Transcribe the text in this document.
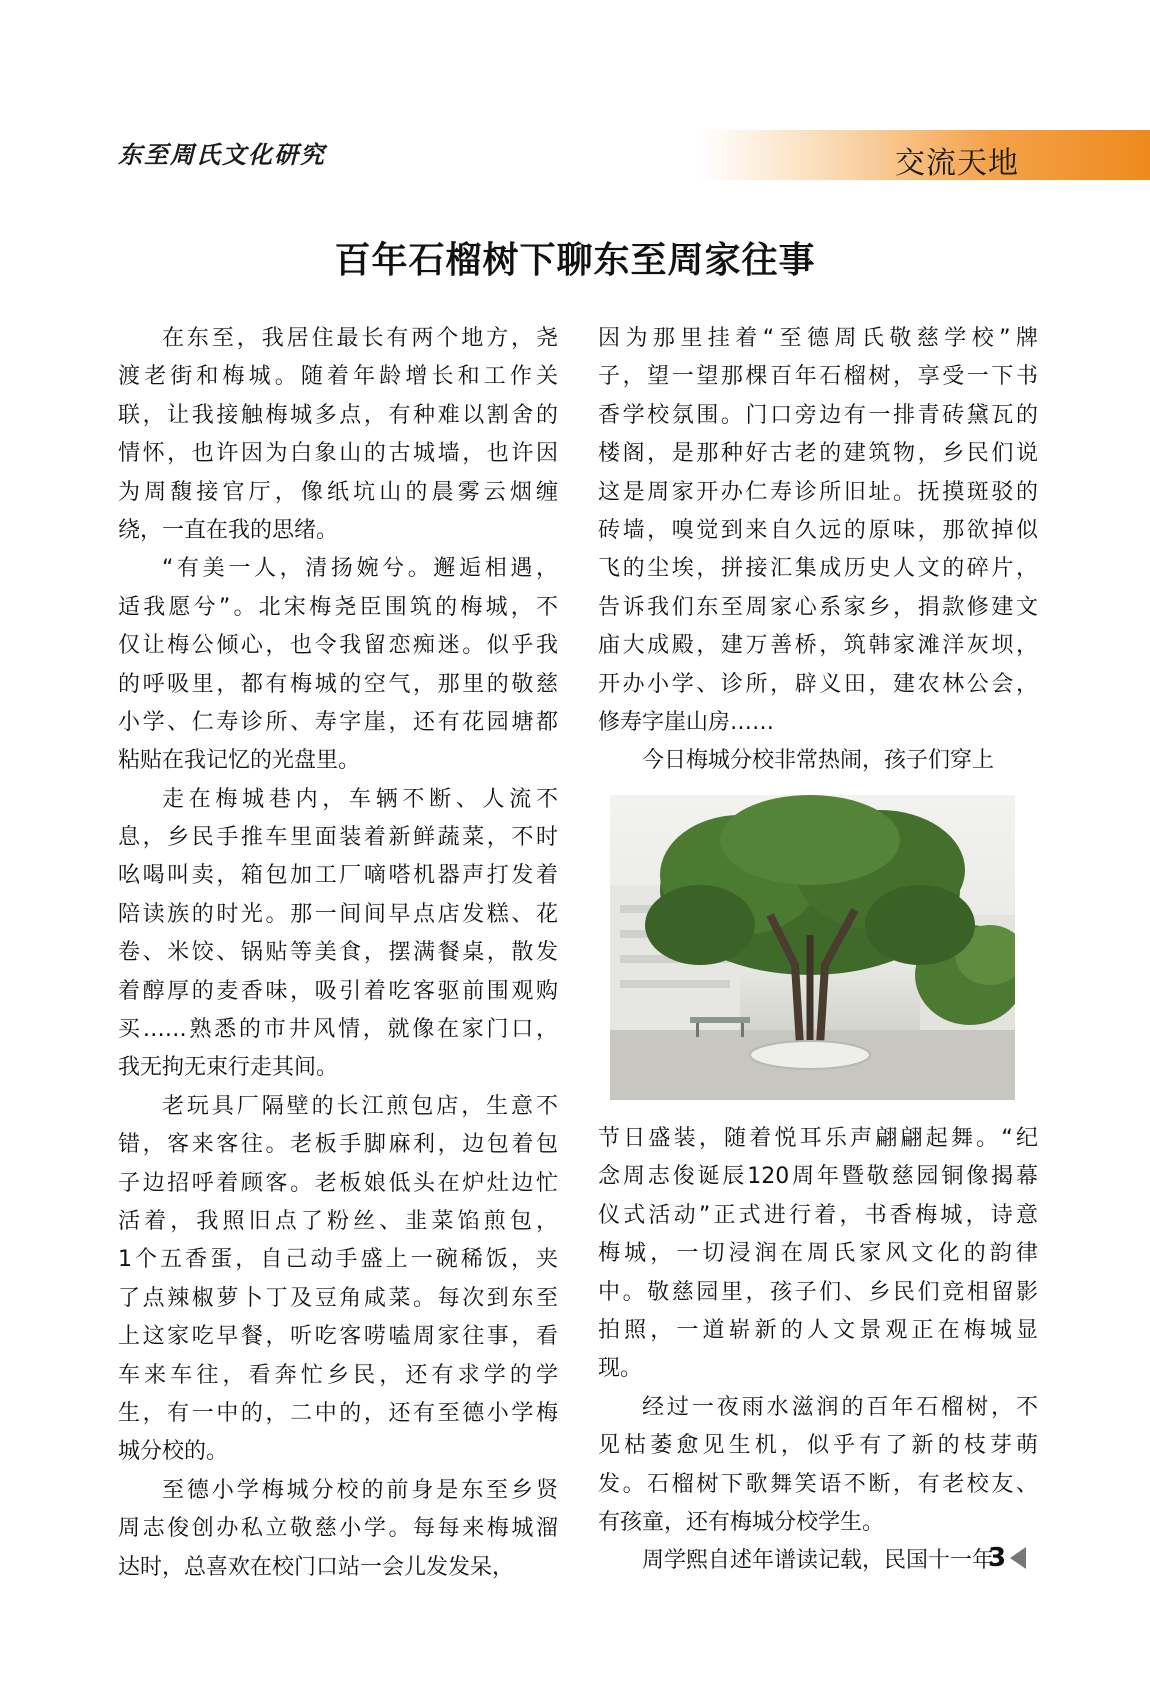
东至周氏文化研究	交流天地
百年石榴树下聊东至周家往事
在东至，我居住最长有两个地方，尧
渡老街和梅城。随着年龄增长和工作关
联，让我接触梅城多点，有种难以割舍的
情怀，也许因为白象山的古城墙，也许因
为周馥接官厅，像纸坑山的晨雾云烟缠
绕，一直在我的思绪。
“有美一人，清扬婉兮。邂逅相遇，
适我愿兮”。北宋梅尧臣围筑的梅城，不
仅让梅公倾心，也令我留恋痴迷。似乎我
的呼吸里，都有梅城的空气，那里的敬慈
小学、仁寿诊所、寿字崖，还有花园塘都
粘贴在我记忆的光盘里。
走在梅城巷内，车辆不断、人流不
息，乡民手推车里面装着新鲜蔬菜，不时
吆喝叫卖，箱包加工厂嘀嗒机器声打发着
陪读族的时光。那一间间早点店发糕、花
卷、米饺、锅贴等美食，摆满餐桌，散发
着醇厚的麦香味，吸引着吃客驱前围观购
买……熟悉的市井风情，就像在家门口，
我无拘无束行走其间。
老玩具厂隔壁的长江煎包店，生意不
错，客来客往。老板手脚麻利，边包着包
子边招呼着顾客。老板娘低头在炉灶边忙
活着，我照旧点了粉丝、韭菜馅煎包，
1个五香蛋，自己动手盛上一碗稀饭，夹
了点辣椒萝卜丁及豆角咸菜。每次到东至
上这家吃早餐，听吃客唠嗑周家往事，看
车来车往，看奔忙乡民，还有求学的学
生，有一中的，二中的，还有至德小学梅
城分校的。
至德小学梅城分校的前身是东至乡贤
周志俊创办私立敬慈小学。每每来梅城溜
达时，总喜欢在校门口站一会儿发发呆，
因为那里挂着“至德周氏敬慈学校”牌
子，望一望那棵百年石榴树，享受一下书
香学校氛围。门口旁边有一排青砖黛瓦的
楼阁，是那种好古老的建筑物，乡民们说
这是周家开办仁寿诊所旧址。抚摸斑驳的
砖墙，嗅觉到来自久远的原味，那欲掉似
飞的尘埃，拼接汇集成历史人文的碎片，
告诉我们东至周家心系家乡，捐款修建文
庙大成殿，建万善桥，筑韩家滩洋灰坝，
开办小学、诊所，辟义田，建农林公会，
修寿字崖山房……
今日梅城分校非常热闹，孩子们穿上
节日盛装，随着悦耳乐声翩翩起舞。“纪
念周志俊诞辰120周年暨敬慈园铜像揭幕
仪式活动”正式进行着，书香梅城，诗意
梅城，一切浸润在周氏家风文化的韵律
中。敬慈园里，孩子们、乡民们竞相留影
拍照，一道崭新的人文景观正在梅城显
现。
经过一夜雨水滋润的百年石榴树，不
见枯萎愈见生机，似乎有了新的枝芽萌
发。石榴树下歌舞笑语不断，有老校友、
有孩童，还有梅城分校学生。
周学熙自述年谱读记载，民国十一年
3
